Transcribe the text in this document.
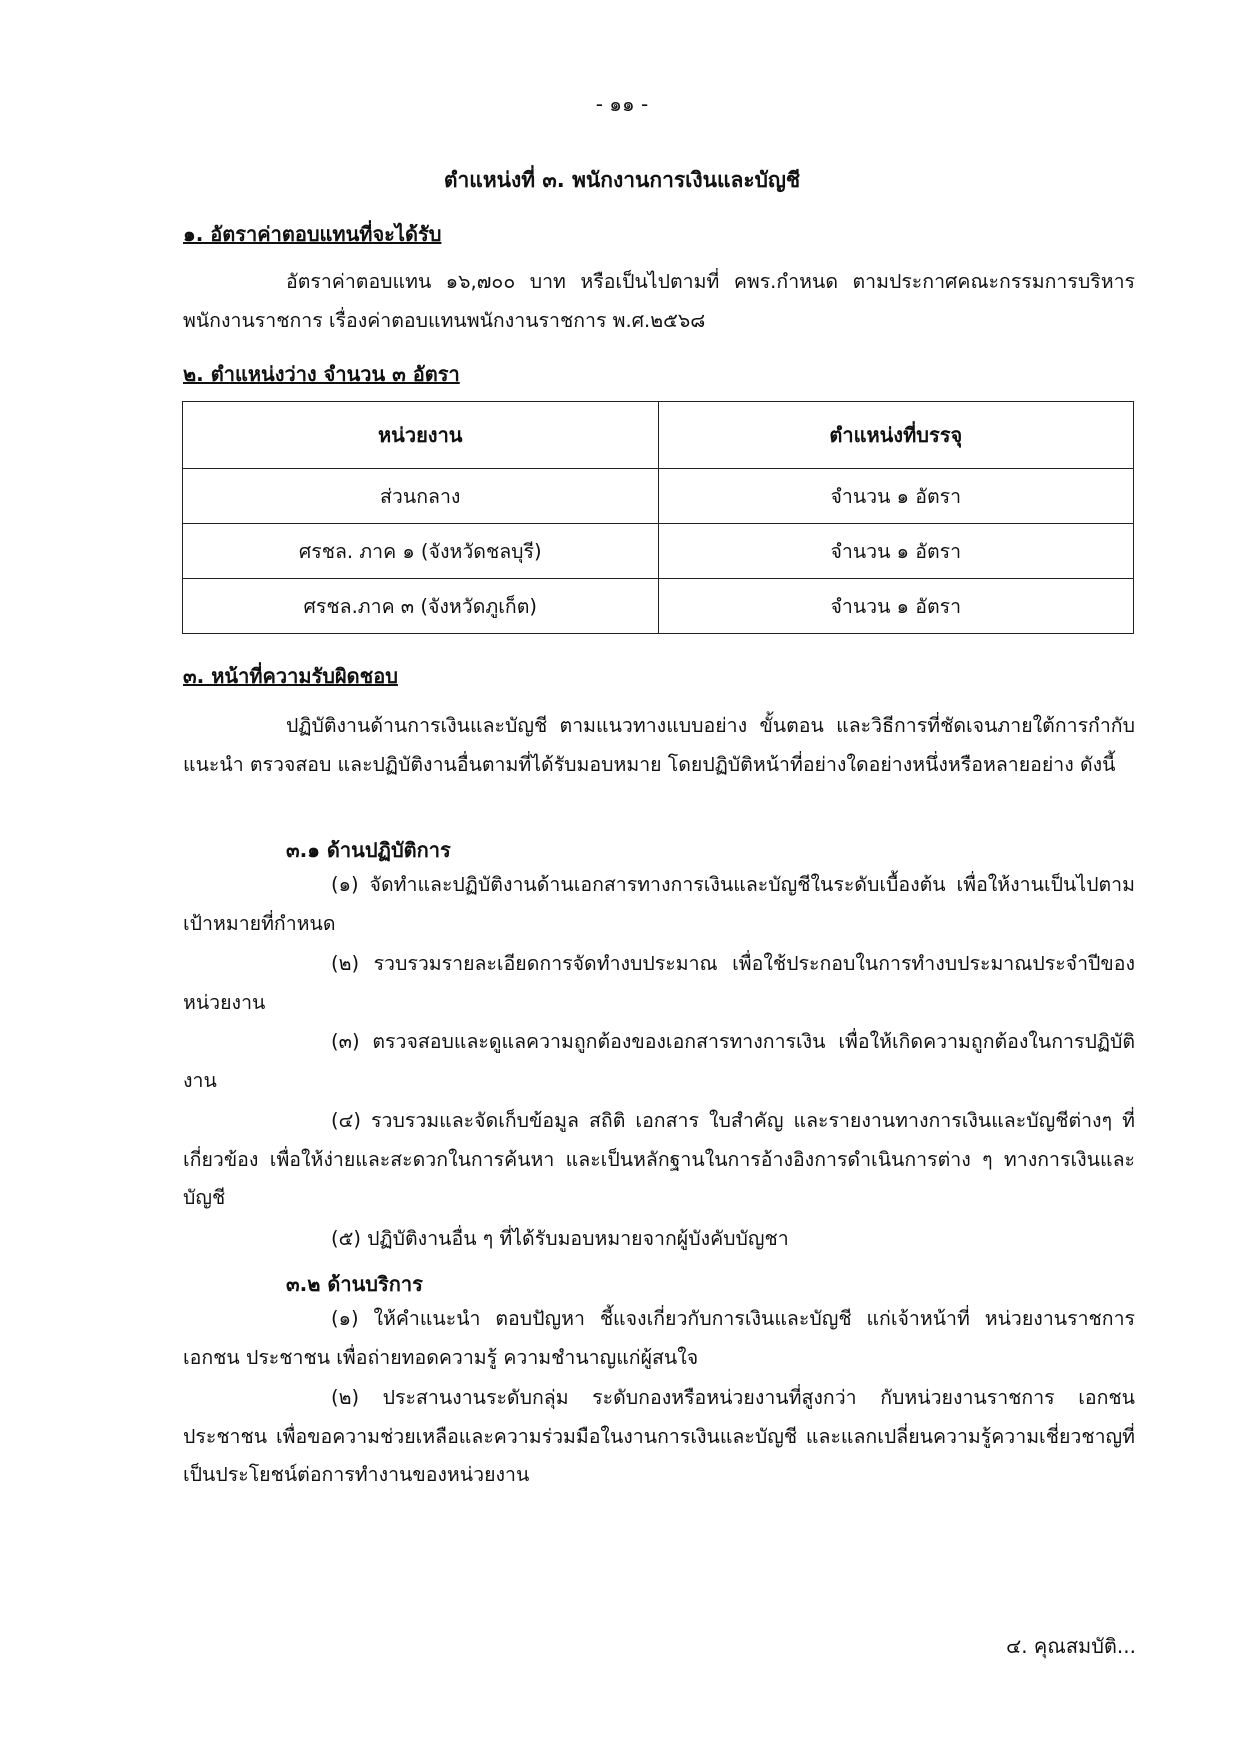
- ๑๑ -
ตำแหน่งที่ ๓. พนักงานการเงินและบัญชี
๑. อัตราค่าตอบแทนที่จะได้รับ
อัตราค่าตอบแทน ๑๖,๗๐๐ บาท หรือเป็นไปตามที่ คพร.กำหนด ตามประกาศคณะกรรมการบริหารพนักงานราชการ เรื่องค่าตอบแทนพนักงานราชการ พ.ศ.๒๕๖๘
๒. ตำแหน่งว่าง จำนวน ๓ อัตรา
หน่วยงาน	ตำแหน่งที่บรรจุ
ส่วนกลาง	จำนวน ๑ อัตรา
ศรชล. ภาค ๑ (จังหวัดชลบุรี)	จำนวน ๑ อัตรา
ศรชล.ภาค ๓ (จังหวัดภูเก็ต)	จำนวน ๑ อัตรา
๓. หน้าที่ความรับผิดชอบ
ปฏิบัติงานด้านการเงินและบัญชี ตามแนวทางแบบอย่าง ขั้นตอน และวิธีการที่ชัดเจนภายใต้การกำกับ แนะนำ ตรวจสอบ และปฏิบัติงานอื่นตามที่ได้รับมอบหมาย โดยปฏิบัติหน้าที่อย่างใดอย่างหนึ่งหรือหลายอย่าง ดังนี้
๓.๑ ด้านปฏิบัติการ
(๑) จัดทำและปฏิบัติงานด้านเอกสารทางการเงินและบัญชีในระดับเบื้องต้น เพื่อให้งานเป็นไปตามเป้าหมายที่กำหนด
(๒) รวบรวมรายละเอียดการจัดทำงบประมาณ เพื่อใช้ประกอบในการทำงบประมาณประจำปีของหน่วยงาน
(๓) ตรวจสอบและดูแลความถูกต้องของเอกสารทางการเงิน เพื่อให้เกิดความถูกต้องในการปฏิบัติงาน
(๔) รวบรวมและจัดเก็บข้อมูล สถิติ เอกสาร ใบสำคัญ และรายงานทางการเงินและบัญชีต่างๆ ที่เกี่ยวข้อง เพื่อให้ง่ายและสะดวกในการค้นหา และเป็นหลักฐานในการอ้างอิงการดำเนินการต่าง ๆ ทางการเงินและบัญชี
(๕) ปฏิบัติงานอื่น ๆ ที่ได้รับมอบหมายจากผู้บังคับบัญชา
๓.๒ ด้านบริการ
(๑) ให้คำแนะนำ ตอบปัญหา ชี้แจงเกี่ยวกับการเงินและบัญชี แก่เจ้าหน้าที่ หน่วยงานราชการ เอกชน ประชาชน เพื่อถ่ายทอดความรู้ ความชำนาญแก่ผู้สนใจ
(๒) ประสานงานระดับกลุ่ม ระดับกองหรือหน่วยงานที่สูงกว่า กับหน่วยงานราชการ เอกชน ประชาชน เพื่อขอความช่วยเหลือและความร่วมมือในงานการเงินและบัญชี และแลกเปลี่ยนความรู้ความเชี่ยวชาญที่เป็นประโยชน์ต่อการทำงานของหน่วยงาน
๔. คุณสมบัติ...
